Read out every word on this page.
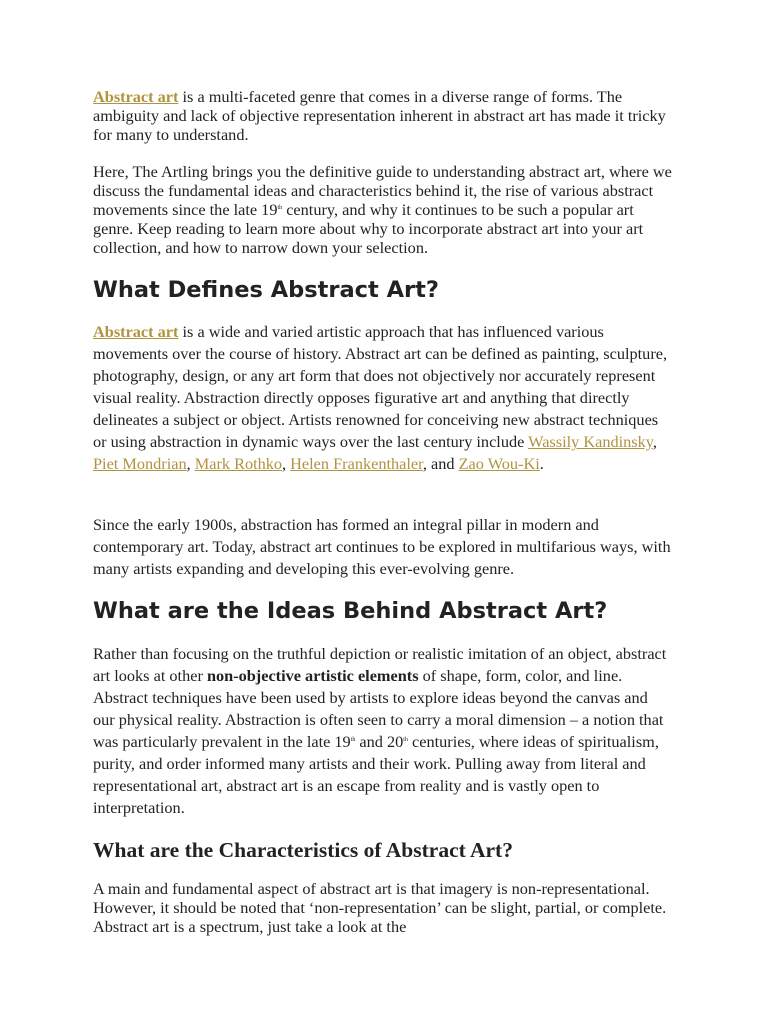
Abstract art is a multi-faceted genre that comes in a diverse range of forms. The ambiguity and lack of objective representation inherent in abstract art has made it tricky for many to understand.

Here, The Artling brings you the definitive guide to understanding abstract art, where we discuss the fundamental ideas and characteristics behind it, the rise of various abstract movements since the late 19th century, and why it continues to be such a popular art genre. Keep reading to learn more about why to incorporate abstract art into your art collection, and how to narrow down your selection.

What Defines Abstract Art?

Abstract art is a wide and varied artistic approach that has influenced various movements over the course of history. Abstract art can be defined as painting, sculpture, photography, design, or any art form that does not objectively nor accurately represent visual reality. Abstraction directly opposes figurative art and anything that directly delineates a subject or object. Artists renowned for conceiving new abstract techniques or using abstraction in dynamic ways over the last century include Wassily Kandinsky, Piet Mondrian, Mark Rothko, Helen Frankenthaler, and Zao Wou-Ki.

Since the early 1900s, abstraction has formed an integral pillar in modern and contemporary art. Today, abstract art continues to be explored in multifarious ways, with many artists expanding and developing this ever-evolving genre.

What are the Ideas Behind Abstract Art?

Rather than focusing on the truthful depiction or realistic imitation of an object, abstract art looks at other non-objective artistic elements of shape, form, color, and line. Abstract techniques have been used by artists to explore ideas beyond the canvas and our physical reality. Abstraction is often seen to carry a moral dimension – a notion that was particularly prevalent in the late 19th and 20th centuries, where ideas of spiritualism, purity, and order informed many artists and their work. Pulling away from literal and representational art, abstract art is an escape from reality and is vastly open to interpretation.

What are the Characteristics of Abstract Art?

A main and fundamental aspect of abstract art is that imagery is non-representational. However, it should be noted that ‘non-representation’ can be slight, partial, or complete. Abstract art is a spectrum, just take a look at the
